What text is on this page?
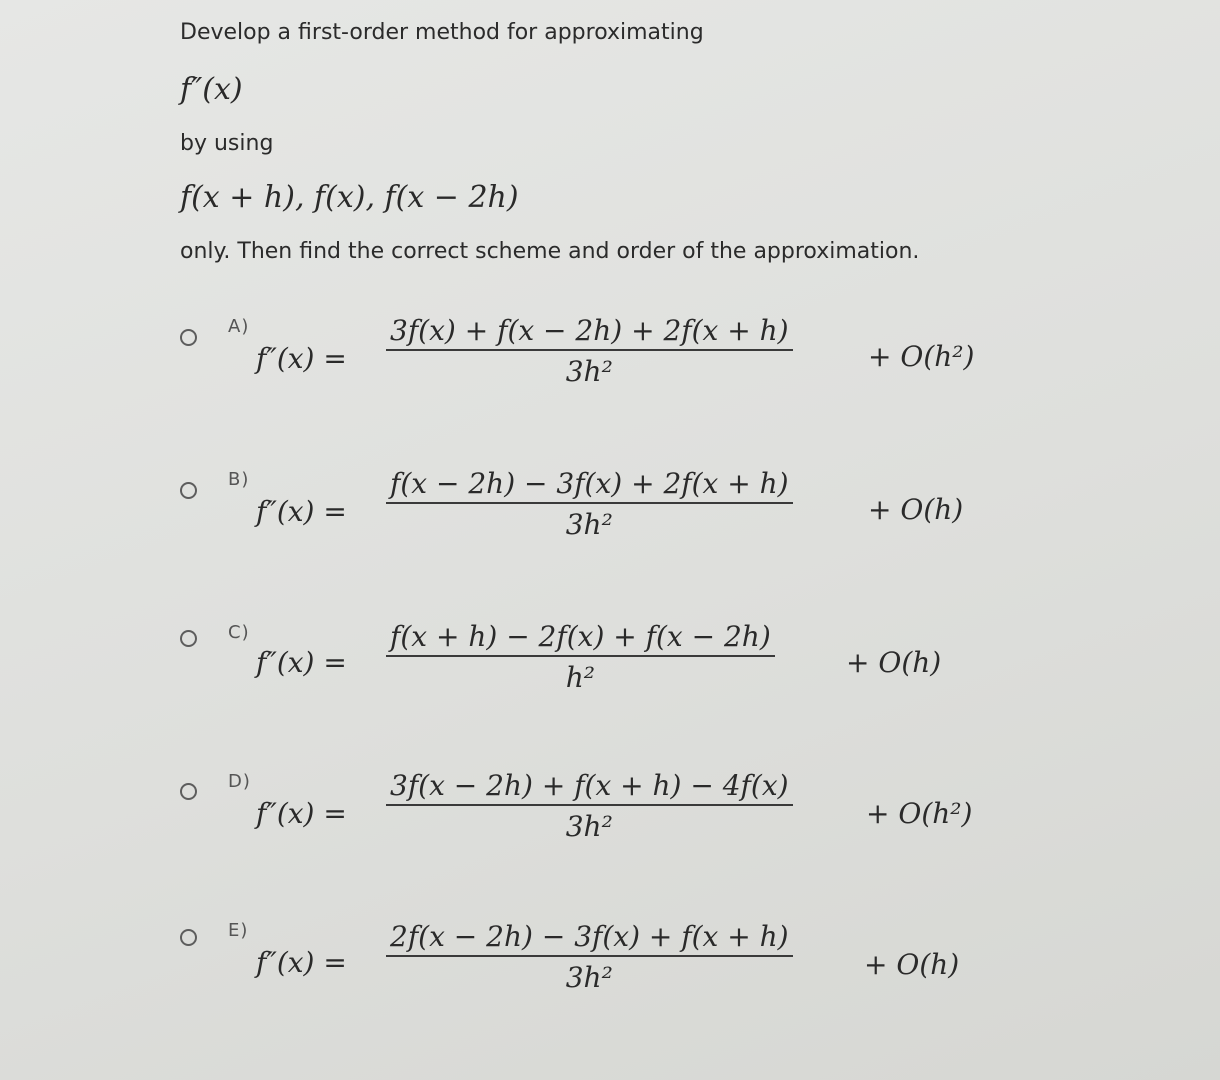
Develop a first-order method for approximating
f″(x)
by using
f(x + h), f(x), f(x − 2h)
only. Then find the correct scheme and order of the approximation.
A)
f″(x) =
3f(x) + f(x − 2h) + 2f(x + h)
3h²	+ O(h²)
B)
f″(x) =
f(x − 2h) − 3f(x) + 2f(x + h)
3h²	+ O(h)
C)
f″(x) =
f(x + h) − 2f(x) + f(x − 2h)
h²	+ O(h)
D)
f″(x) =
3f(x − 2h) + f(x + h) − 4f(x)
3h²	+ O(h²)
E)
f″(x) =
2f(x − 2h) − 3f(x) + f(x + h)
3h²	+ O(h)
